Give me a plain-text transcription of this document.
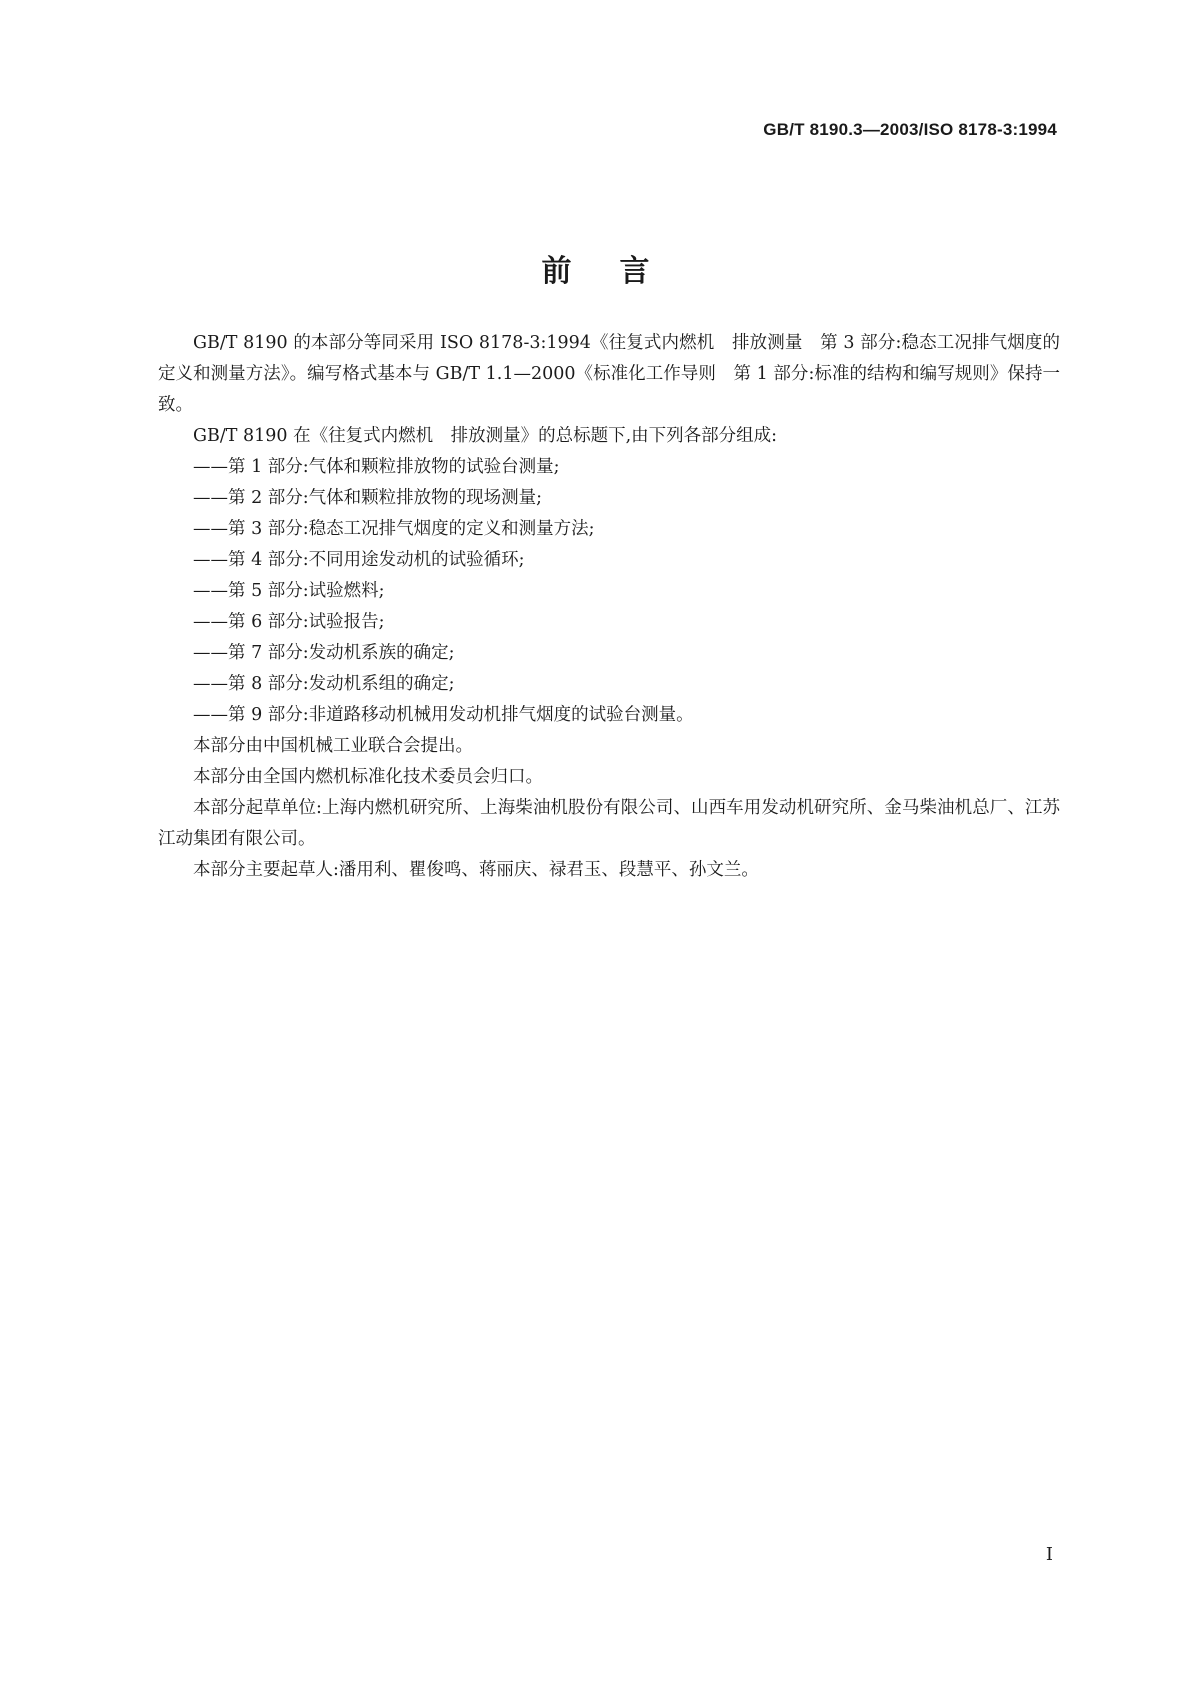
GB/T 8190.3—2003/ISO 8178-3:1994
前言

GB/T 8190 的本部分等同采用 ISO 8178-3:1994《往复式内燃机　排放测量　第 3 部分:稳态工况排气烟度的定义和测量方法》。编写格式基本与 GB/T 1.1—2000《标准化工作导则　第 1 部分:标准的结构和编写规则》保持一致。

GB/T 8190 在《往复式内燃机　排放测量》的总标题下,由下列各部分组成:

——第 1 部分:气体和颗粒排放物的试验台测量;

——第 2 部分:气体和颗粒排放物的现场测量;

——第 3 部分:稳态工况排气烟度的定义和测量方法;

——第 4 部分:不同用途发动机的试验循环;

——第 5 部分:试验燃料;

——第 6 部分:试验报告;

——第 7 部分:发动机系族的确定;

——第 8 部分:发动机系组的确定;

——第 9 部分:非道路移动机械用发动机排气烟度的试验台测量。

本部分由中国机械工业联合会提出。

本部分由全国内燃机标准化技术委员会归口。

本部分起草单位:上海内燃机研究所、上海柴油机股份有限公司、山西车用发动机研究所、金马柴油机总厂、江苏江动集团有限公司。

本部分主要起草人:潘用利、瞿俊鸣、蒋丽庆、禄君玉、段慧平、孙文兰。

I
